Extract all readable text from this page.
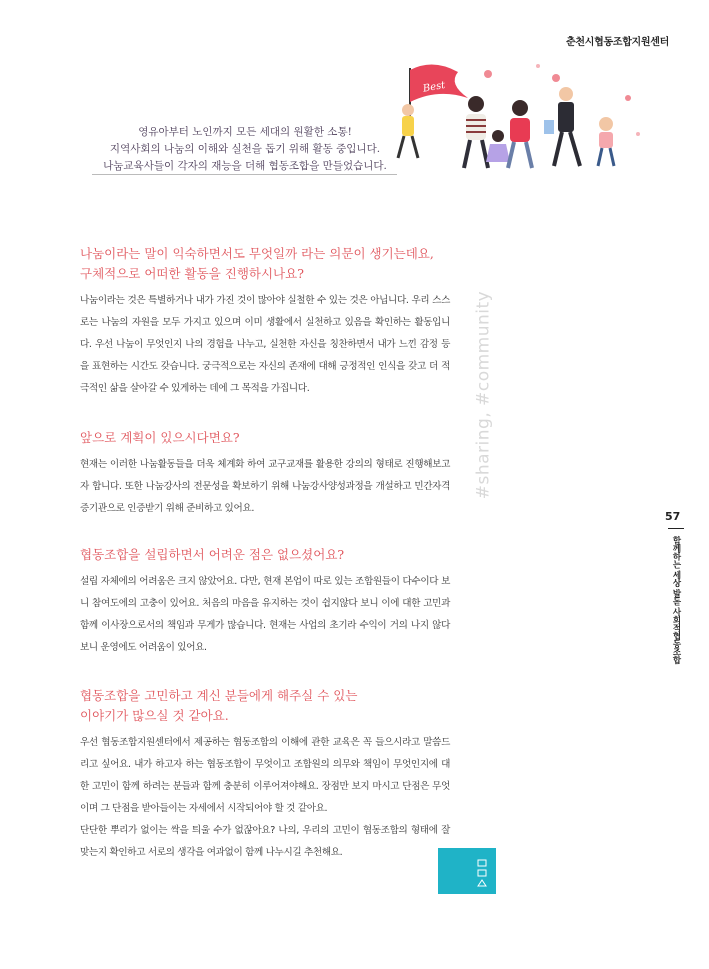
춘천시협동조합지원센터
영유아부터 노인까지 모든 세대의 원활한 소통!
지역사회의 나눔의 이해와 실천을 돕기 위해 활동 중입니다.
나눔교육사들이 각자의 재능을 더해 협동조합을 만들었습니다.
Best
나눔이라는 말이 익숙하면서도 무엇일까 라는 의문이 생기는데요,
구체적으로 어떠한 활동을 진행하시나요?

나눔이라는 것은 특별하거나 내가 가진 것이 많아야 실철한 수 있는 것은 아닙니다. 우리 스스로는 나눔의 자원을 모두 가지고 있으며 이미 생활에서 실천하고 있음을 확인하는 활동입니다. 우선 나눔이 무엇인지 나의 경험을 나누고, 실천한 자신을 칭찬하면서 내가 느낀 감정 등을 표현하는 시간도 갖습니다. 궁극적으로는 자신의 존재에 대해 긍정적인 인식을 갖고 더 적극적인 삶을 살아갈 수 있게하는 데에 그 목적을 가집니다.

앞으로 계획이 있으시다면요?

현재는 이러한 나눔활동들을 더욱 체계화 하여 교구교재를 활용한 강의의 형태로 진행해보고자 합니다. 또한 나눔강사의 전문성을 확보하기 위해 나눔강사양성과정을 개설하고 민간자격증기관으로 인증받기 위해 준비하고 있어요.

협동조합을 설립하면서 어려운 점은 없으셨어요?

설립 자체에의 어려움은 크지 않았어요. 다만, 현재 본업이 따로 있는 조합원들이 다수이다 보니 참여도에의 고충이 있어요. 처음의 마음을 유지하는 것이 쉽지않다 보니 이에 대한 고민과 함께 이사장으로서의 책임과 무게가 많습니다. 현재는 사업의 초기라 수익이 거의 나지 않다 보니 운영에도 어려움이 있어요.

협동조합을 고민하고 계신 분들에게 해주실 수 있는
이야기가 많으실 것 같아요.

우선 협동조합지원센터에서 제공하는 협동조합의 이해에 관한 교육은 꼭 들으시라고 말씀드리고 싶어요. 내가 하고자 하는 협동조합이 무엇이고 조합원의 의무와 책임이 무엇인지에 대한 고민이 함께 하려는 분들과 함께 충분히 이루어져야해요. 장점만 보지 마시고 단점은 무엇이며 그 단점을 받아들이는 자세에서 시작되어야 할 것 같아요.

단단한 뿌리가 없이는 싹을 틔울 수가 없잖아요? 나의, 우리의 고민이 협동조합의 형태에 잘 맞는지 확인하고 서로의 생각을 여과없이 함께 나누시길 추천해요.

#sharing, #community
57
함께하는 세상 발돋 사회적협동조합
